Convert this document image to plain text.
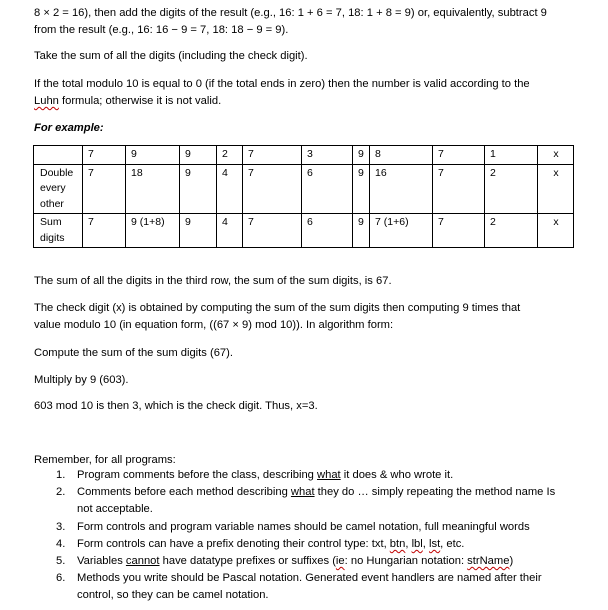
8 × 2 = 16), then add the digits of the result (e.g., 16: 1 + 6 = 7, 18: 1 + 8 = 9) or, equivalently, subtract 9

from the result (e.g., 16: 16 − 9 = 7, 18: 18 − 9 = 9).

Take the sum of all the digits (including the check digit).

If the total modulo 10 is equal to 0 (if the total ends in zero) then the number is valid according to the

Luhn formula; otherwise it is not valid.

For example:

	7	9	9	2	7	3	9	8	7	1	x
Double every other	7	18	9	4	7	6	9	16	7	2	x
Sum digits	7	9 (1+8)	9	4	7	6	9	7 (1+6)	7	2	x

The sum of all the digits in the third row, the sum of the sum digits, is 67.

The check digit (x) is obtained by computing the sum of the sum digits then computing 9 times that

value modulo 10 (in equation form, ((67 × 9) mod 10)). In algorithm form:

Compute the sum of the sum digits (67).

Multiply by 9 (603).

603 mod 10 is then 3, which is the check digit. Thus, x=3.

Remember, for all programs:

1. Program comments before the class, describing what it does & who wrote it.
2. Comments before each method describing what they do … simply repeating the method name Is
not acceptable.
3. Form controls and program variable names should be camel notation, full meaningful words
4. Form controls can have a prefix denoting their control type: txt, btn, lbl, lst, etc.
5. Variables cannot have datatype prefixes or suffixes (ie: no Hungarian notation: strName)
6. Methods you write should be Pascal notation. Generated event handlers are named after their
control, so they can be camel notation.
